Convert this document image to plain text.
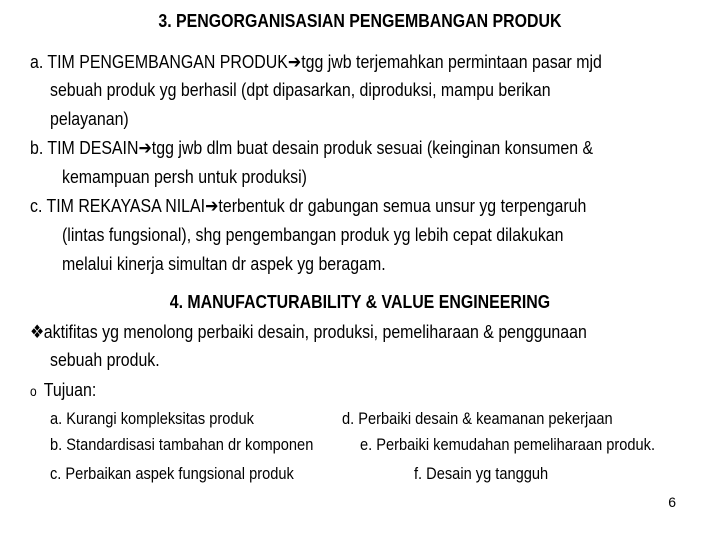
3. PENGORGANISASIAN PENGEMBANGAN PRODUK
a. TIM PENGEMBANGAN PRODUK➔tgg jwb terjemahkan permintaan pasar mjd
sebuah produk yg berhasil (dpt dipasarkan, diproduksi, mampu berikan
pelayanan)
b. TIM DESAIN➔tgg jwb dlm buat desain produk sesuai (keinginan konsumen &
kemampuan persh untuk produksi)
c. TIM REKAYASA NILAI➔terbentuk dr gabungan semua unsur yg terpengaruh
(lintas fungsional), shg pengembangan produk yg lebih cepat dilakukan
melalui kinerja simultan dr aspek yg beragam.
4. MANUFACTURABILITY & VALUE ENGINEERING
❖aktifitas yg menolong perbaiki desain, produksi, pemeliharaan & penggunaan
sebuah produk.
o Tujuan:
a. Kurangi kompleksitas produk
b. Standardisasi tambahan dr komponen
c. Perbaikan aspek fungsional produk
d. Perbaiki desain & keamanan pekerjaan
e. Perbaiki kemudahan pemeliharaan produk.
f. Desain yg tangguh
6
